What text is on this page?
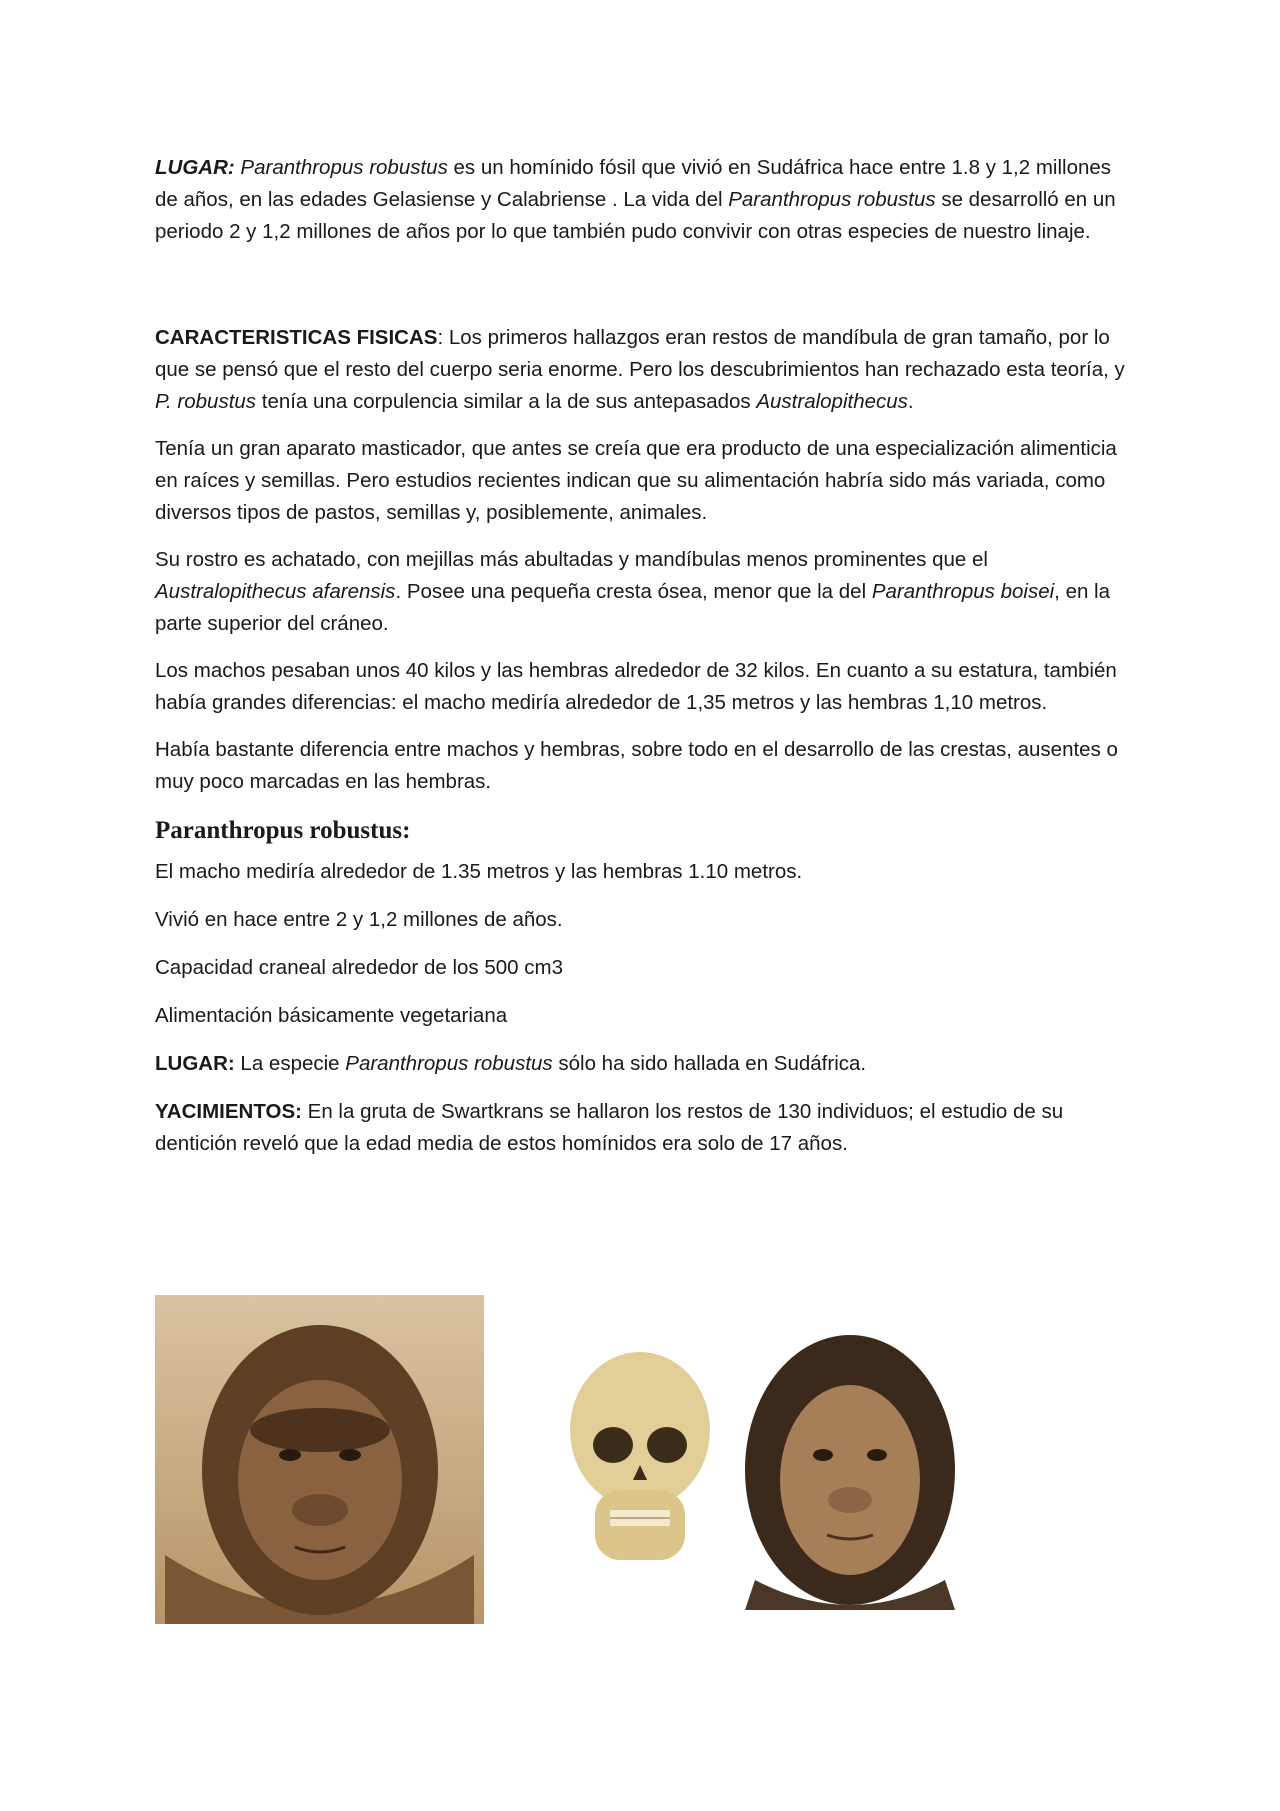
LUGAR: Paranthropus robustus es un homínido fósil que vivió en Sudáfrica hace entre 1.8 y 1,2 millones de años, en las edades Gelasiense y Calabriense . La vida del Paranthropus robustus se desarrolló en un periodo 2 y 1,2 millones de años por lo que también pudo convivir con otras especies de nuestro linaje.

CARACTERISTICAS FISICAS: Los primeros hallazgos eran restos de mandíbula de gran tamaño, por lo que se pensó que el resto del cuerpo seria enorme. Pero los descubrimientos han rechazado esta teoría, y P. robustus tenía una corpulencia similar a la de sus antepasados Australopithecus.

Tenía un gran aparato masticador, que antes se creía que era producto de una especialización alimenticia en raíces y semillas. Pero estudios recientes indican que su alimentación habría sido más variada, como diversos tipos de pastos, semillas y, posiblemente, animales.

Su rostro es achatado, con mejillas más abultadas y mandíbulas menos prominentes que el Australopithecus afarensis. Posee una pequeña cresta ósea, menor que la del Paranthropus boisei, en la parte superior del cráneo.

Los machos pesaban unos 40 kilos y las hembras alrededor de 32 kilos. En cuanto a su estatura, también había grandes diferencias: el macho mediría alrededor de 1,35 metros y las hembras 1,10 metros.

Había bastante diferencia entre machos y hembras, sobre todo en el desarrollo de las crestas, ausentes o muy poco marcadas en las hembras.

Paranthropus robustus:

El macho mediría alrededor de 1.35 metros y las hembras 1.10 metros.

Vivió en hace entre 2 y 1,2 millones de años.

Capacidad craneal alrededor de los 500 cm3

Alimentación básicamente vegetariana

LUGAR: La especie Paranthropus robustus sólo ha sido hallada en Sudáfrica.

YACIMIENTOS: En la gruta de Swartkrans se hallaron los restos de 130 individuos; el estudio de su dentición reveló que la edad media de estos homínidos era solo de 17 años.
